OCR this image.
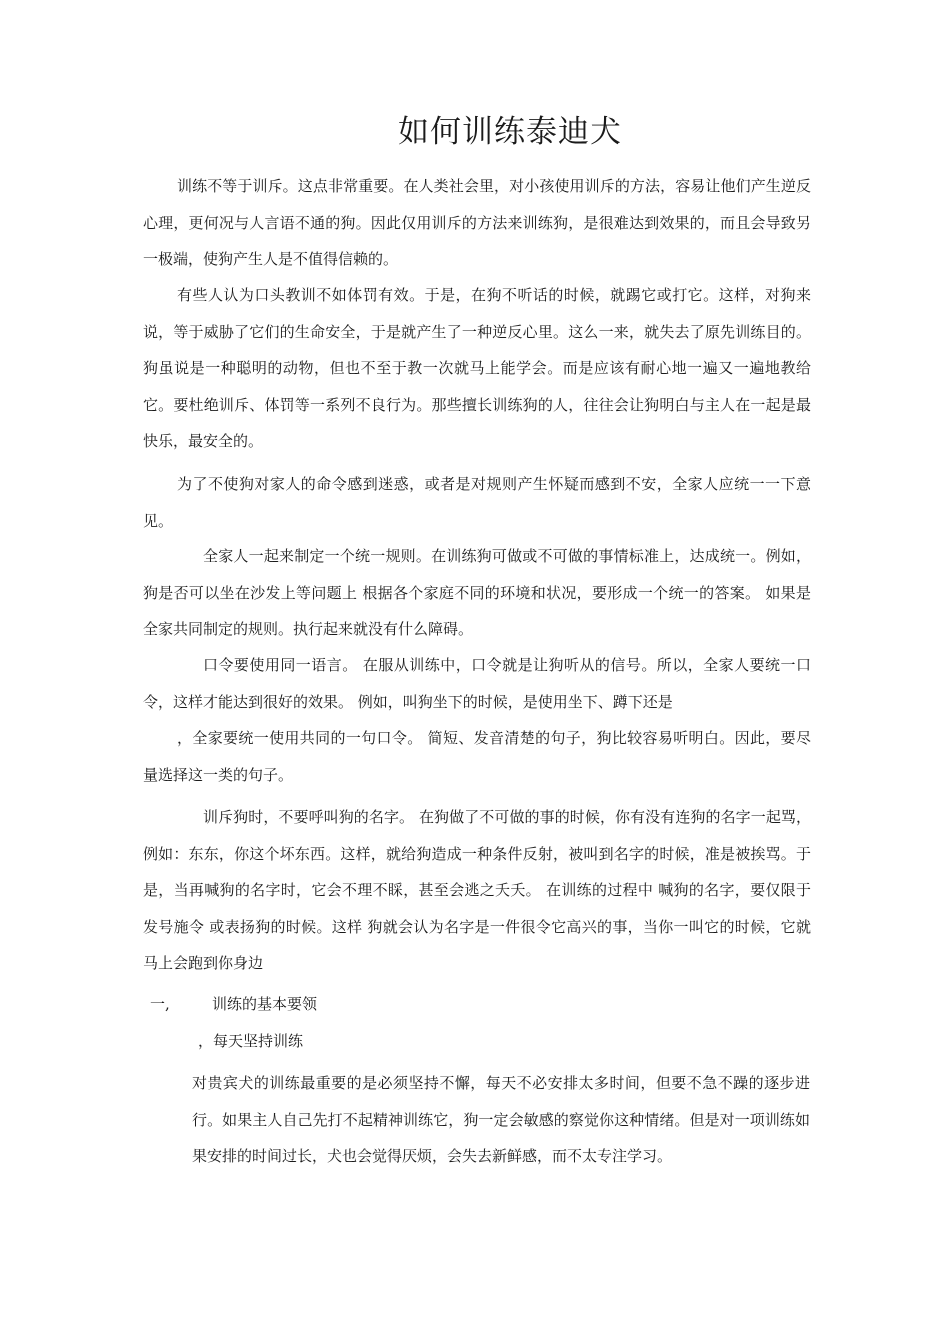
如何训练泰迪犬

训练不等于训斥。这点非常重要。在人类社会里，对小孩使用训斥的方法，容易让他们产生逆反心理，更何况与人言语不通的狗。因此仅用训斥的方法来训练狗，是很难达到效果的，而且会导致另一极端，使狗产生人是不值得信赖的。

有些人认为口头教训不如体罚有效。于是，在狗不听话的时候，就踢它或打它。这样，对狗来说，等于威胁了它们的生命安全，于是就产生了一种逆反心里。这么一来，就失去了原先训练目的。 狗虽说是一种聪明的动物，但也不至于教一次就马上能学会。而是应该有耐心地一遍又一遍地教给它。要杜绝训斥、体罚等一系列不良行为。那些擅长训练狗的人，往往会让狗明白与主人在一起是最快乐，最安全的。

为了不使狗对家人的命令感到迷惑，或者是对规则产生怀疑而感到不安，全家人应统一一下意见。

全家人一起来制定一个统一规则。在训练狗可做或不可做的事情标准上，达成统一。例如，狗是否可以坐在沙发上等问题上 根据各个家庭不同的环境和状况，要形成一个统一的答案。 如果是全家共同制定的规则。执行起来就没有什么障碍。

口令要使用同一语言。 在服从训练中，口令就是让狗听从的信号。所以，全家人要统一口令，这样才能达到很好的效果。 例如，叫狗坐下的时候，是使用坐下、蹲下还是

，全家要统一使用共同的一句口令。 简短、发音清楚的句子，狗比较容易听明白。因此，要尽量选择这一类的句子。

训斥狗时，不要呼叫狗的名字。 在狗做了不可做的事的时候，你有没有连狗的名字一起骂，例如：东东，你这个坏东西。这样，就给狗造成一种条件反射，被叫到名字的时候，准是被挨骂。于是，当再喊狗的名字时，它会不理不睬，甚至会逃之夭夭。 在训练的过程中 喊狗的名字，要仅限于发号施令 或表扬狗的时候。这样 狗就会认为名字是一件很令它高兴的事，当你一叫它的时候，它就马上会跑到你身边

一,	训练的基本要领
，每天坚持训练

对贵宾犬的训练最重要的是必须坚持不懈，每天不必安排太多时间，但要不急不躁的逐步进行。如果主人自己先打不起精神训练它，狗一定会敏感的察觉你这种情绪。但是对一项训练如果安排的时间过长，犬也会觉得厌烦，会失去新鲜感，而不太专注学习。
